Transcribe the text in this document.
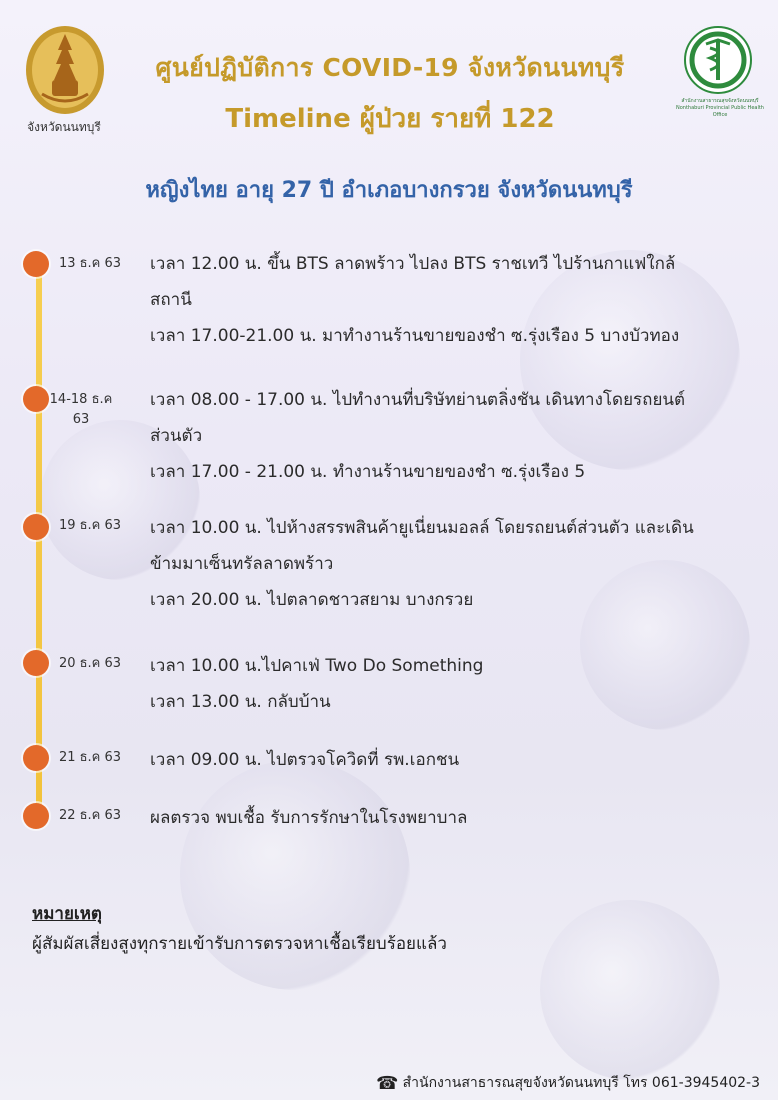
จังหวัดนนทบุรี
สำนักงานสาธารณสุขจังหวัดนนทบุรี Nonthaburi Provincial Public Health Office
ศูนย์ปฏิบัติการ COVID-19 จังหวัดนนทบุรี
Timeline ผู้ป่วย รายที่ 122
หญิงไทย อายุ 27 ปี อำเภอบางกรวย จังหวัดนนทบุรี
13 ธ.ค 63	เวลา 12.00 น. ขึ้น BTS ลาดพร้าว ไปลง BTS ราชเทวี ไปร้านกาแฟใกล้
สถานี
เวลา 17.00-21.00 น. มาทำงานร้านขายของชำ ซ.รุ่งเรือง 5 บางบัวทอง
14-18 ธ.ค 63
เวลา 08.00 - 17.00 น. ไปทำงานที่บริษัทย่านตลิ่งชัน เดินทางโดยรถยนต์
ส่วนตัว
เวลา 17.00 - 21.00 น. ทำงานร้านขายของชำ ซ.รุ่งเรือง 5
19 ธ.ค 63	เวลา 10.00 น. ไปห้างสรรพสินค้ายูเนี่ยนมอลล์ โดยรถยนต์ส่วนตัว และเดิน
ข้ามมาเซ็นทรัลลาดพร้าว
เวลา 20.00 น. ไปตลาดชาวสยาม บางกรวย
20 ธ.ค 63	เวลา 10.00 น.ไปคาเฟ่ Two Do Something
เวลา 13.00 น. กลับบ้าน
21 ธ.ค 63	เวลา 09.00 น. ไปตรวจโควิดที่ รพ.เอกชน
22 ธ.ค 63	ผลตรวจ พบเชื้อ รับการรักษาในโรงพยาบาล
หมายเหตุ
ผู้สัมผัสเสี่ยงสูงทุกรายเข้ารับการตรวจหาเชื้อเรียบร้อยแล้ว
☎ สำนักงานสาธารณสุขจังหวัดนนทบุรี โทร 061-3945402-3
